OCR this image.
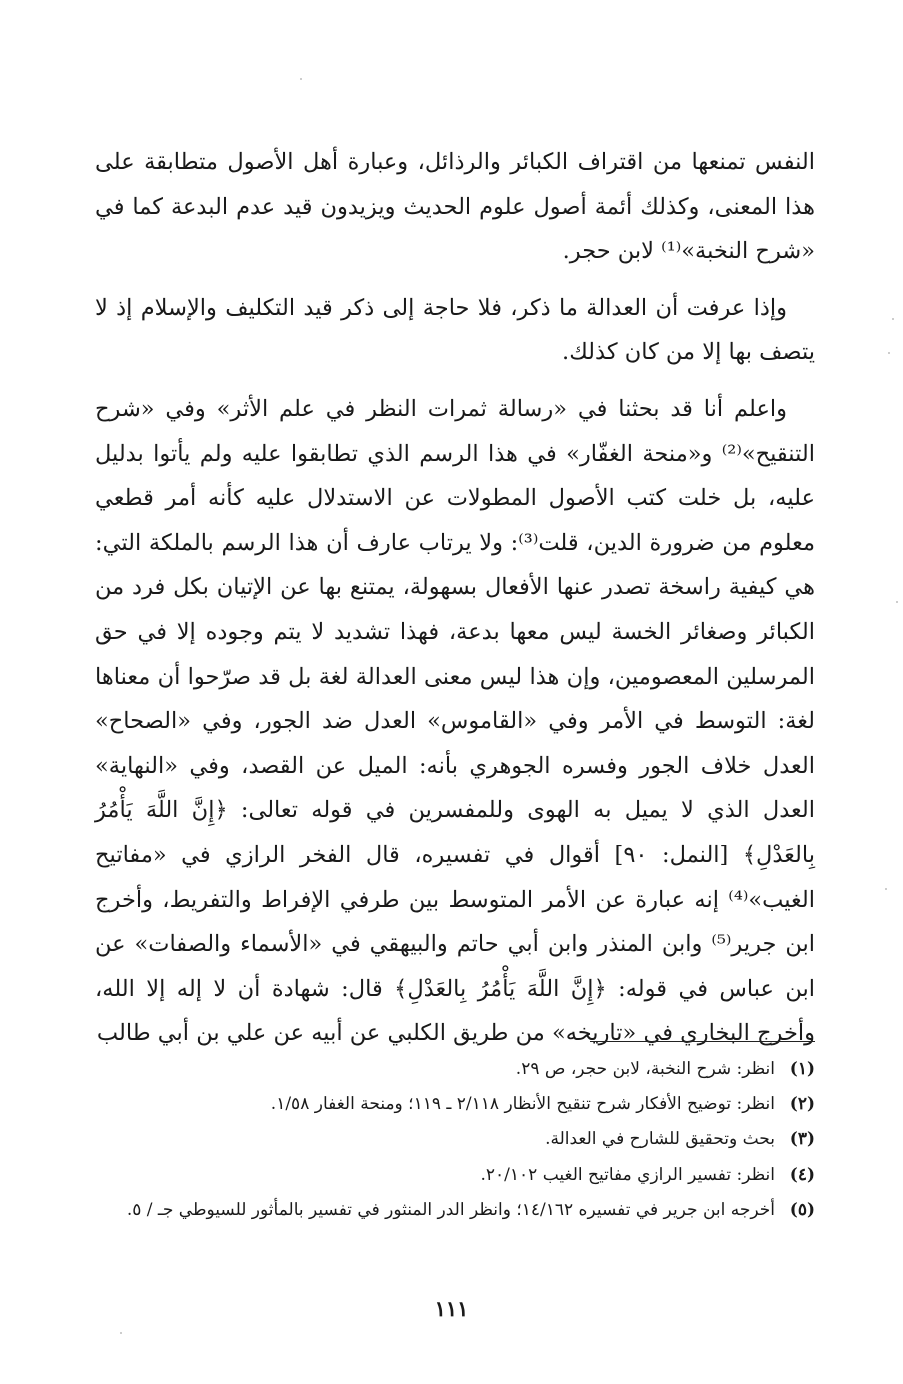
النفس تمنعها من اقتراف الكبائر والرذائل، وعبارة أهل الأصول متطابقة على هذا المعنى، وكذلك أئمة أصول علوم الحديث ويزيدون قيد عدم البدعة كما في «شرح النخبة»⁽¹⁾ لابن حجر.

وإذا عرفت أن العدالة ما ذكر، فلا حاجة إلى ذكر قيد التكليف والإسلام إذ لا يتصف بها إلا من كان كذلك.

واعلم أنا قد بحثنا في «رسالة ثمرات النظر في علم الأثر» وفي «شرح التنقيح»⁽²⁾ و«منحة الغفّار» في هذا الرسم الذي تطابقوا عليه ولم يأتوا بدليل عليه، بل خلت كتب الأصول المطولات عن الاستدلال عليه كأنه أمر قطعي معلوم من ضرورة الدين، قلت⁽³⁾: ولا يرتاب عارف أن هذا الرسم بالملكة التي: هي كيفية راسخة تصدر عنها الأفعال بسهولة، يمتنع بها عن الإتيان بكل فرد من الكبائر وصغائر الخسة ليس معها بدعة، فهذا تشديد لا يتم وجوده إلا في حق المرسلين المعصومين، وإن هذا ليس معنى العدالة لغة بل قد صرّحوا أن معناها لغة: التوسط في الأمر وفي «القاموس» العدل ضد الجور، وفي «الصحاح» العدل خلاف الجور وفسره الجوهري بأنه: الميل عن القصد، وفي «النهاية» العدل الذي لا يميل به الهوى وللمفسرين في قوله تعالى: ﴿إِنَّ اللَّهَ يَأْمُرُ بِالعَدْلِ﴾ [النمل: ٩٠] أقوال في تفسيره، قال الفخر الرازي في «مفاتيح الغيب»⁽⁴⁾ إنه عبارة عن الأمر المتوسط بين طرفي الإفراط والتفريط، وأخرج ابن جرير⁽⁵⁾ وابن المنذر وابن أبي حاتم والبيهقي في «الأسماء والصفات» عن ابن عباس في قوله: ﴿إِنَّ اللَّهَ يَأْمُرُ بِالعَدْلِ﴾ قال: شهادة أن لا إله إلا الله، وأخرج البخاري في «تاريخه» من طريق الكلبي عن أبيه عن علي بن أبي طالب

(١)
انظر: شرح النخبة، لابن حجر، ص ٢٩.

(٢)
انظر: توضيح الأفكار شرح تنقيح الأنظار ٢/١١٨ ـ ١١٩؛ ومنحة الغفار ١/٥٨.

(٣)
بحث وتحقيق للشارح في العدالة.

(٤)
انظر: تفسير الرازي مفاتيح الغيب ٢٠/١٠٢.

(٥)
أخرجه ابن جرير في تفسيره ١٤/١٦٢؛ وانظر الدر المنثور في تفسير بالمأثور للسيوطي جـ / ٥.

١١١
